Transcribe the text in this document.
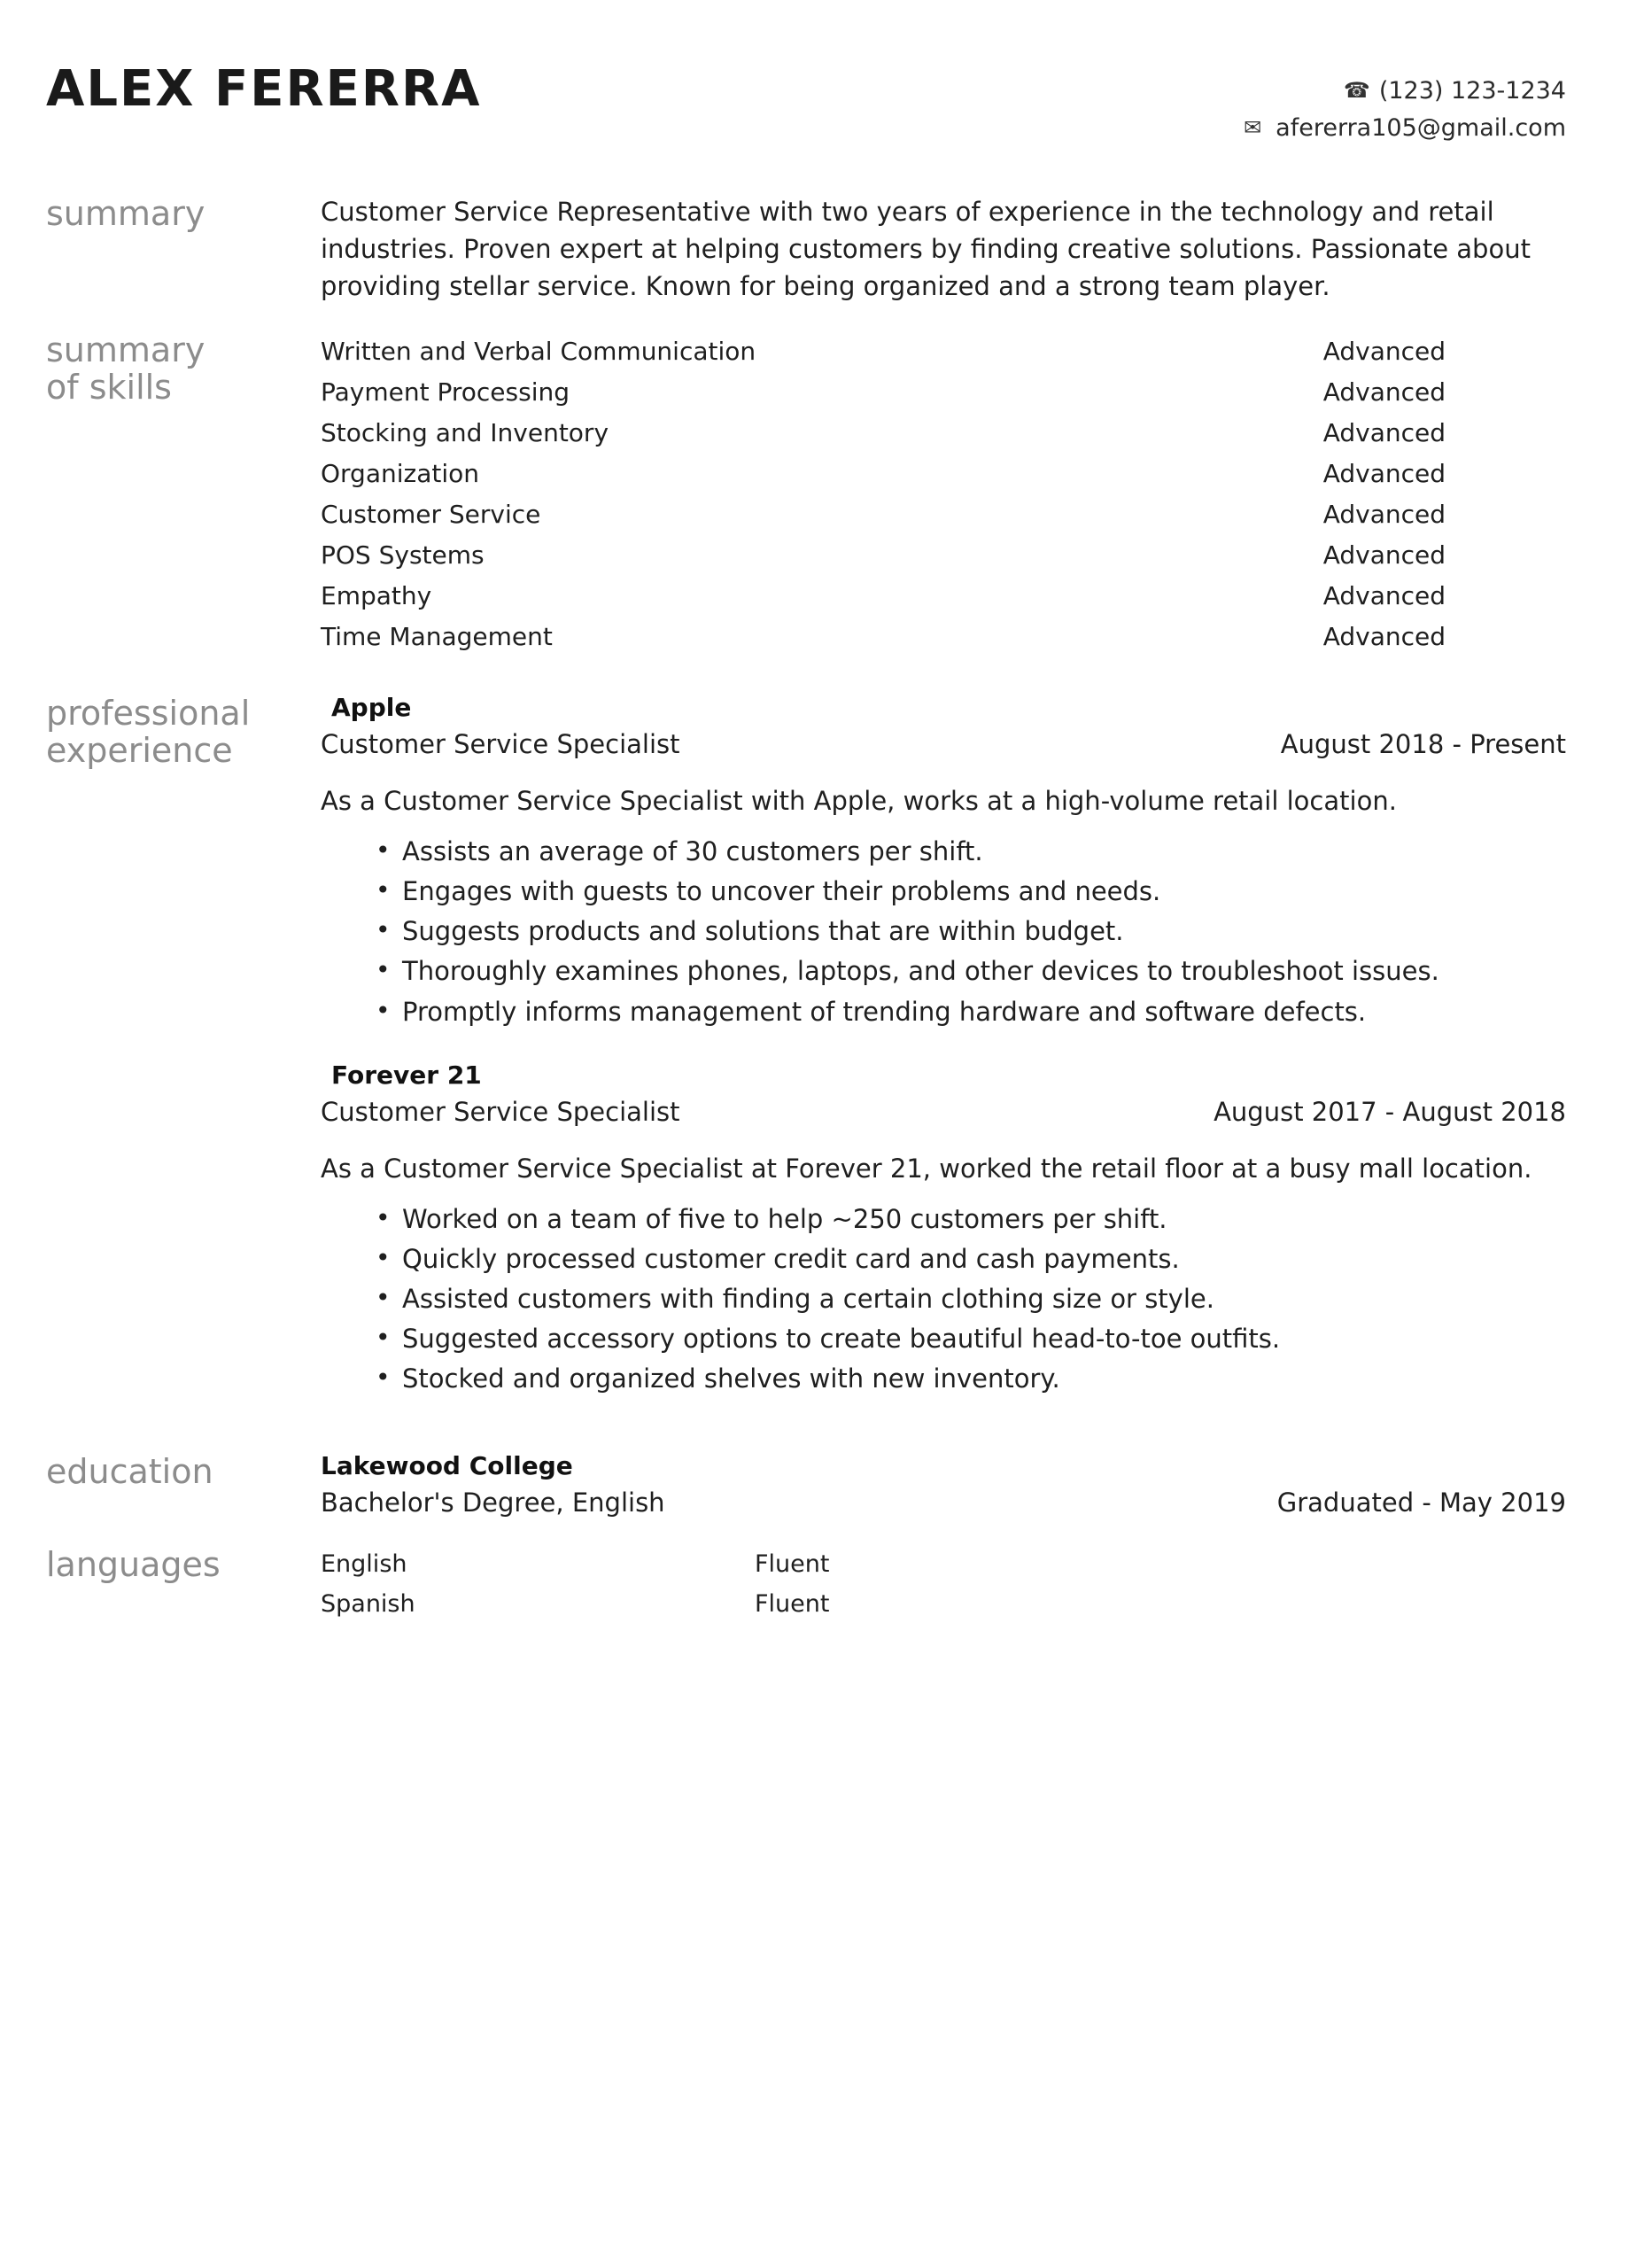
ALEX FERERRA	☎ (123) 123-1234
✉ afererra105@gmail.com
summary	Customer Service Representative with two years of experience in the technology and retail industries. Proven expert at helping customers by finding creative solutions. Passionate about providing stellar service. Known for being organized and a strong team player.
summary
of skills
Written and Verbal Communication	Advanced
Payment Processing	Advanced
Stocking and Inventory	Advanced
Organization	Advanced
Customer Service	Advanced
POS Systems	Advanced
Empathy	Advanced
Time Management	Advanced
professional
experience
Apple
Customer Service Specialist	August 2018 - Present
As a Customer Service Specialist with Apple, works at a high-volume retail location.
• Assists an average of 30 customers per shift.
• Engages with guests to uncover their problems and needs.
• Suggests products and solutions that are within budget.
• Thoroughly examines phones, laptops, and other devices to troubleshoot issues.
• Promptly informs management of trending hardware and software defects.
Forever 21
Customer Service Specialist	August 2017 - August 2018
As a Customer Service Specialist at Forever 21, worked the retail floor at a busy mall location.
• Worked on a team of five to help ~250 customers per shift.
• Quickly processed customer credit card and cash payments.
• Assisted customers with finding a certain clothing size or style.
• Suggested accessory options to create beautiful head-to-toe outfits.
• Stocked and organized shelves with new inventory.
education	Lakewood College
Bachelor's Degree, English	Graduated - May 2019
languages	English	Fluent
Spanish	Fluent
